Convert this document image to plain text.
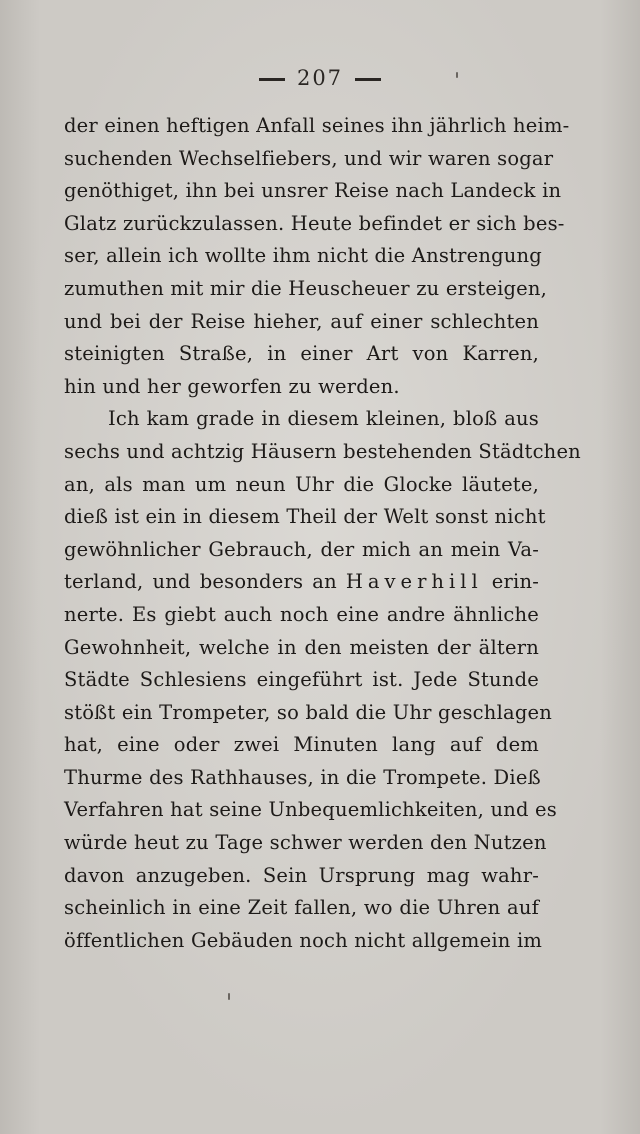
207
der einen heftigen Anfall seines ihn jährlich heim-
suchenden Wechselfiebers, und wir waren sogar
genöthiget, ihn bei unsrer Reise nach Landeck in
Glatz zurückzulassen. Heute befindet er sich bes-
ser, allein ich wollte ihm nicht die Anstrengung
zumuthen mit mir die Heuscheuer zu ersteigen,
und bei der Reise hieher, auf einer schlechten
steinigten Straße, in einer Art von Karren,
hin und her geworfen zu werden.
Ich kam grade in diesem kleinen, bloß aus
sechs und achtzig Häusern bestehenden Städtchen
an, als man um neun Uhr die Glocke läutete,
dieß ist ein in diesem Theil der Welt sonst nicht
gewöhnlicher Gebrauch, der mich an mein Va-
terland, und besonders an Haverhill erin-
nerte. Es giebt auch noch eine andre ähnliche
Gewohnheit, welche in den meisten der ältern
Städte Schlesiens eingeführt ist. Jede Stunde
stößt ein Trompeter, so bald die Uhr geschlagen
hat, eine oder zwei Minuten lang auf dem
Thurme des Rathhauses, in die Trompete. Dieß
Verfahren hat seine Unbequemlichkeiten, und es
würde heut zu Tage schwer werden den Nutzen
davon anzugeben. Sein Ursprung mag wahr-
scheinlich in eine Zeit fallen, wo die Uhren auf
öffentlichen Gebäuden noch nicht allgemein im
